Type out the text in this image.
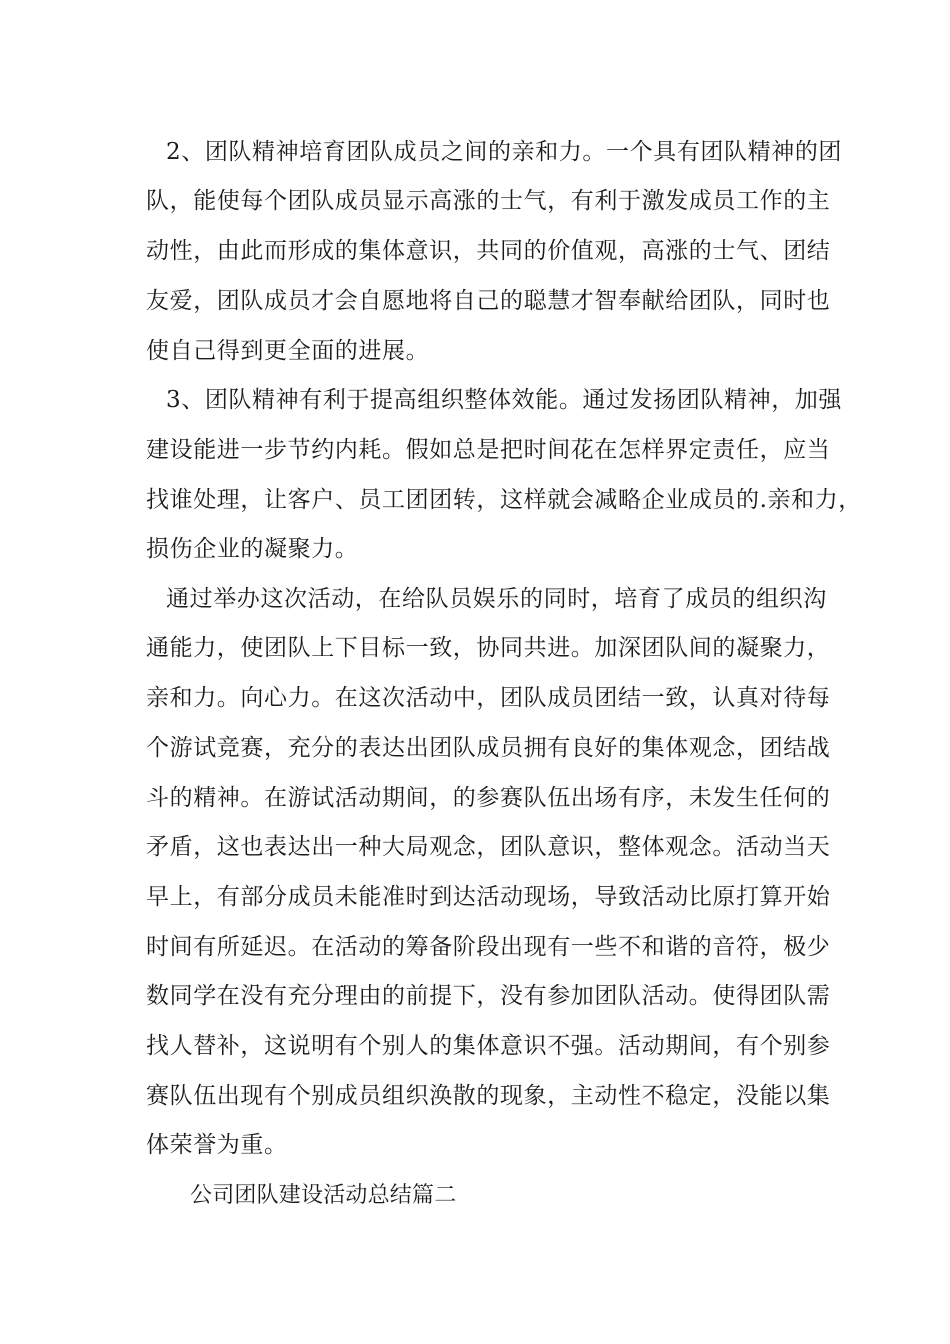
2、团队精神培育团队成员之间的亲和力。一个具有团队精神的团
队，能使每个团队成员显示高涨的士气，有利于激发成员工作的主
动性，由此而形成的集体意识，共同的价值观，高涨的士气、团结
友爱，团队成员才会自愿地将自己的聪慧才智奉献给团队，同时也
使自己得到更全面的进展。
3、团队精神有利于提高组织整体效能。通过发扬团队精神，加强
建设能进一步节约内耗。假如总是把时间花在怎样界定责任，应当
找谁处理，让客户、员工团团转，这样就会减略企业成员的.亲和力，
损伤企业的凝聚力。
通过举办这次活动，在给队员娱乐的同时，培育了成员的组织沟
通能力，使团队上下目标一致，协同共进。加深团队间的凝聚力，
亲和力。向心力。在这次活动中，团队成员团结一致，认真对待每
个游试竞赛，充分的表达出团队成员拥有良好的集体观念，团结战
斗的精神。在游试活动期间，的参赛队伍出场有序，未发生任何的
矛盾，这也表达出一种大局观念，团队意识，整体观念。活动当天
早上，有部分成员未能准时到达活动现场，导致活动比原打算开始
时间有所延迟。在活动的筹备阶段出现有一些不和谐的音符，极少
数同学在没有充分理由的前提下，没有参加团队活动。使得团队需
找人替补，这说明有个别人的集体意识不强。活动期间，有个别参
赛队伍出现有个别成员组织涣散的现象，主动性不稳定，没能以集
体荣誉为重。
公司团队建设活动总结篇二
